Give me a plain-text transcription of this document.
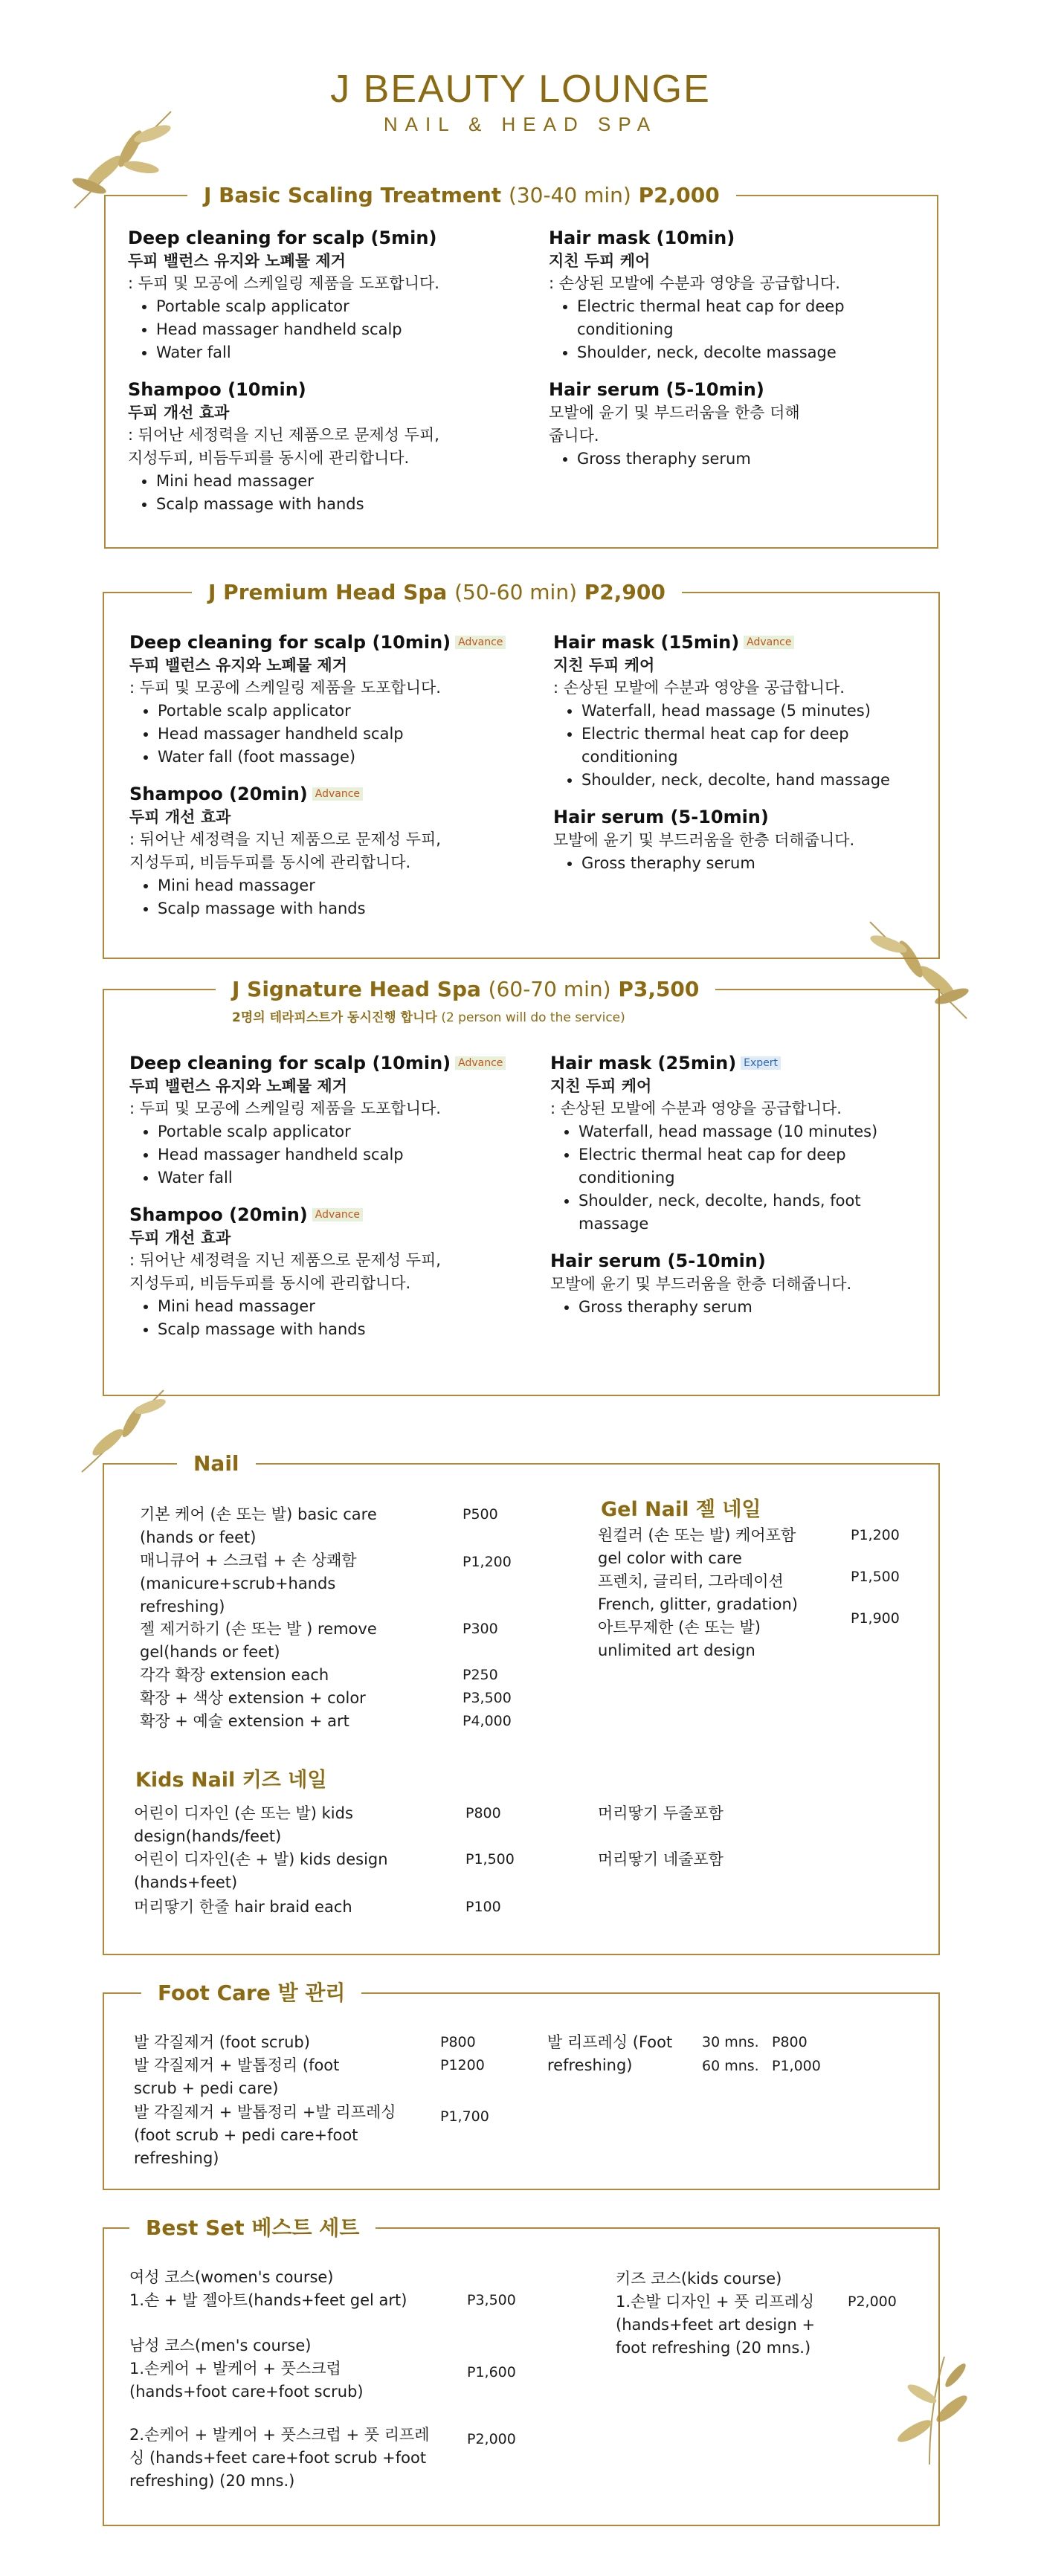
J BEAUTY LOUNGE
NAIL & HEAD SPA
J Basic Scaling Treatment (30-40 min) P2,000
Deep cleaning for scalp (5min)
두피 밸런스 유지와 노폐물 제거
: 두피 및 모공에 스케일링 제품을 도포합니다.
• Portable scalp applicator
• Head massager handheld scalp
• Water fall
Shampoo (10min)
두피 개선 효과
: 뒤어난 세정력을 지닌 제품으로 문제성 두피, 지성두피, 비듬두피를 동시에 관리합니다.
• Mini head massager
• Scalp massage with hands
Hair mask (10min)
지친 두피 케어
: 손상된 모발에 수분과 영양을 공급합니다.
• Electric thermal heat cap for deep conditioning
• Shoulder, neck, decolte massage
Hair serum (5-10min)
모발에 윤기 및 부드러움을 한층 더해 줍니다.
• Gross theraphy serum
J Premium Head Spa (50-60 min) P2,900
Deep cleaning for scalp (10min) Advance
두피 밸런스 유지와 노폐물 제거
: 두피 및 모공에 스케일링 제품을 도포합니다.
• Portable scalp applicator
• Head massager handheld scalp
• Water fall (foot massage)
Shampoo (20min) Advance
두피 개선 효과
: 뒤어난 세정력을 지닌 제품으로 문제성 두피, 지성두피, 비듬두피를 동시에 관리합니다.
• Mini head massager
• Scalp massage with hands
Hair mask (15min) Advance
지친 두피 케어
: 손상된 모발에 수분과 영양을 공급합니다.
• Waterfall, head massage (5 minutes)
• Electric thermal heat cap for deep conditioning
• Shoulder, neck, decolte, hand massage
Hair serum (5-10min)
모발에 윤기 및 부드러움을 한층 더해줍니다.
• Gross theraphy serum
J Signature Head Spa (60-70 min) P3,500
2명의 테라피스트가 동시진행 합니다 (2 person will do the service)
Deep cleaning for scalp (10min) Advance
두피 밸런스 유지와 노폐물 제거
: 두피 및 모공에 스케일링 제품을 도포합니다.
• Portable scalp applicator
• Head massager handheld scalp
• Water fall
Shampoo (20min) Advance
두피 개선 효과
: 뒤어난 세정력을 지닌 제품으로 문제성 두피, 지성두피, 비듬두피를 동시에 관리합니다.
• Mini head massager
• Scalp massage with hands
Hair mask (25min) Expert
지친 두피 케어
: 손상된 모발에 수분과 영양을 공급합니다.
• Waterfall, head massage (10 minutes)
• Electric thermal heat cap for deep conditioning
• Shoulder, neck, decolte, hands, foot massage
Hair serum (5-10min)
모발에 윤기 및 부드러움을 한층 더해줍니다.
• Gross theraphy serum
Nail
기본 케어 (손 또는 발) basic care (hands or feet)
P500
매니큐어 + 스크럽 + 손 상쾌함 (manicure+scrub+hands refreshing)
P1,200
젤 제거하기 (손 또는 발 ) remove gel(hands or feet)
P300
각각 확장 extension each	P250
확장 + 색상 extension + color	P3,500
확장 + 예술 extension + art	P4,000
Gel Nail 젤 네일
원컬러 (손 또는 발) 케어포함 gel color with care
P1,200
프렌치, 글리터, 그라데이션 French, glitter, gradation)
P1,500
아트무제한 (손 또는 발) unlimited art design
P1,900
Kids Nail 키즈 네일
어린이 디자인 (손 또는 발) kids design(hands/feet)
P800	머리땋기 두줄포함
어린이 디자인(손 + 발) kids design (hands+feet)
P1,500	머리땋기 네줄포함
머리땋기 한줄 hair braid each	P100
Foot Care 발 관리
발 각질제거 (foot scrub)	P800
발 각질제거 + 발톱정리 (foot scrub + pedi care)
P1200
발 각질제거 + 발톱정리 +발 리프레싱 (foot scrub + pedi care+foot refreshing)
P1,700
발 리프레싱 (Foot refreshing)
30 mns. P800
60 mns. P1,000
Best Set 베스트 세트
여성 코스(women's course)
1.손 + 발 젤아트(hands+feet gel art)	P3,500
남성 코스(men's course)
1.손케어 + 발케어 + 풋스크럽 (hands+foot care+foot scrub)
P1,600
2.손케어 + 발케어 + 풋스크럽 + 풋 리프레싱 (hands+feet care+foot scrub +foot refreshing) (20 mns.)
P2,000
키즈 코스(kids course)
1.손발 디자인 + 풋 리프레싱 (hands+feet art design + foot refreshing (20 mns.)
P2,000
